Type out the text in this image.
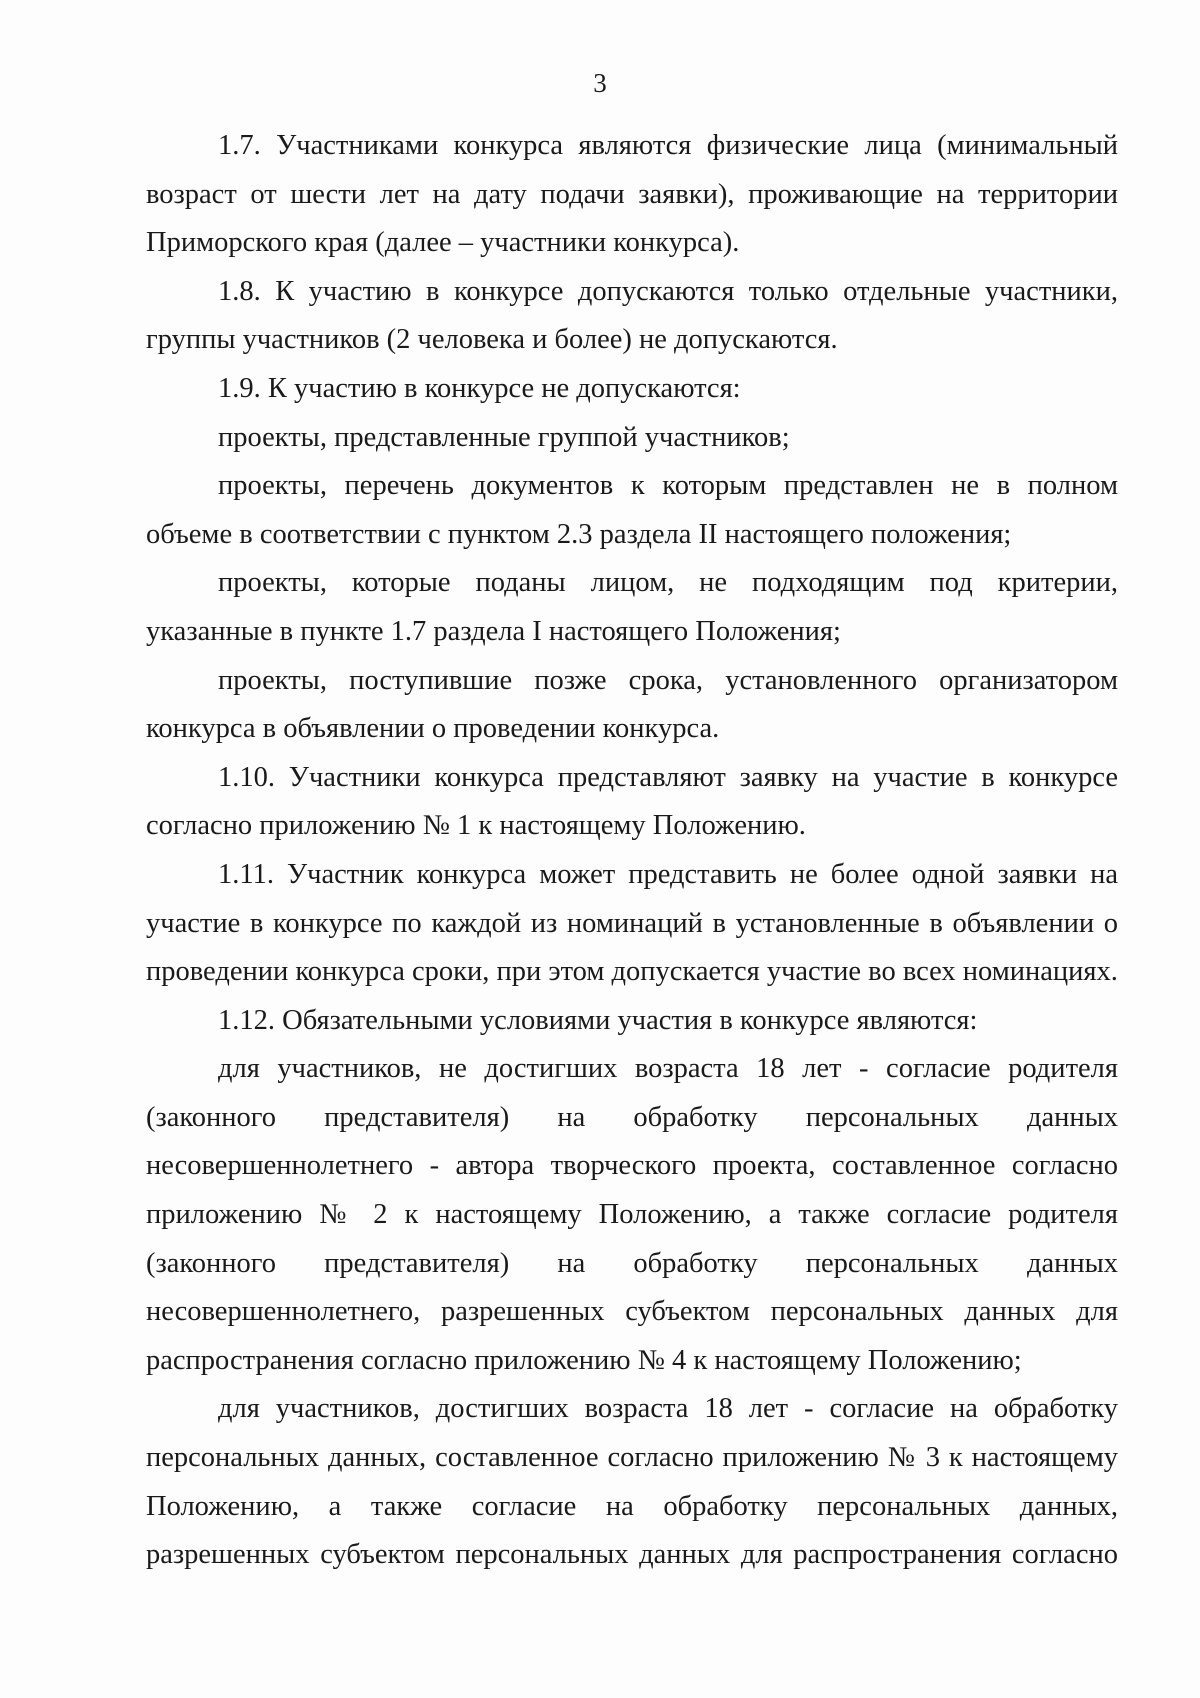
3
1.7. Участниками конкурса являются физические лица (минимальный
возраст от шести лет на дату подачи заявки), проживающие на территории
Приморского края (далее – участники конкурса).
1.8. К участию в конкурсе допускаются только отдельные участники,
группы участников (2 человека и более) не допускаются.
1.9. К участию в конкурсе не допускаются:
проекты, представленные группой участников;
проекты, перечень документов к которым представлен не в полном
объеме в соответствии с пунктом 2.3 раздела II настоящего положения;
проекты, которые поданы лицом, не подходящим под критерии,
указанные в пункте 1.7 раздела I настоящего Положения;
проекты, поступившие позже срока, установленного организатором
конкурса в объявлении о проведении конкурса.
1.10. Участники конкурса представляют заявку на участие в конкурсе
согласно приложению № 1 к настоящему Положению.
1.11. Участник конкурса может представить не более одной заявки на
участие в конкурсе по каждой из номинаций в установленные в объявлении о
проведении конкурса сроки, при этом допускается участие во всех номинациях.
1.12. Обязательными условиями участия в конкурсе являются:
для участников, не достигших возраста 18 лет - согласие родителя
(законного представителя) на обработку персональных данных
несовершеннолетнего - автора творческого проекта, составленное согласно
приложению № 2 к настоящему Положению, а также согласие родителя
(законного представителя) на обработку персональных данных
несовершеннолетнего, разрешенных субъектом персональных данных для
распространения согласно приложению № 4 к настоящему Положению;
для участников, достигших возраста 18 лет - согласие на обработку
персональных данных, составленное согласно приложению № 3 к настоящему
Положению, а также согласие на обработку персональных данных,
разрешенных субъектом персональных данных для распространения согласно
